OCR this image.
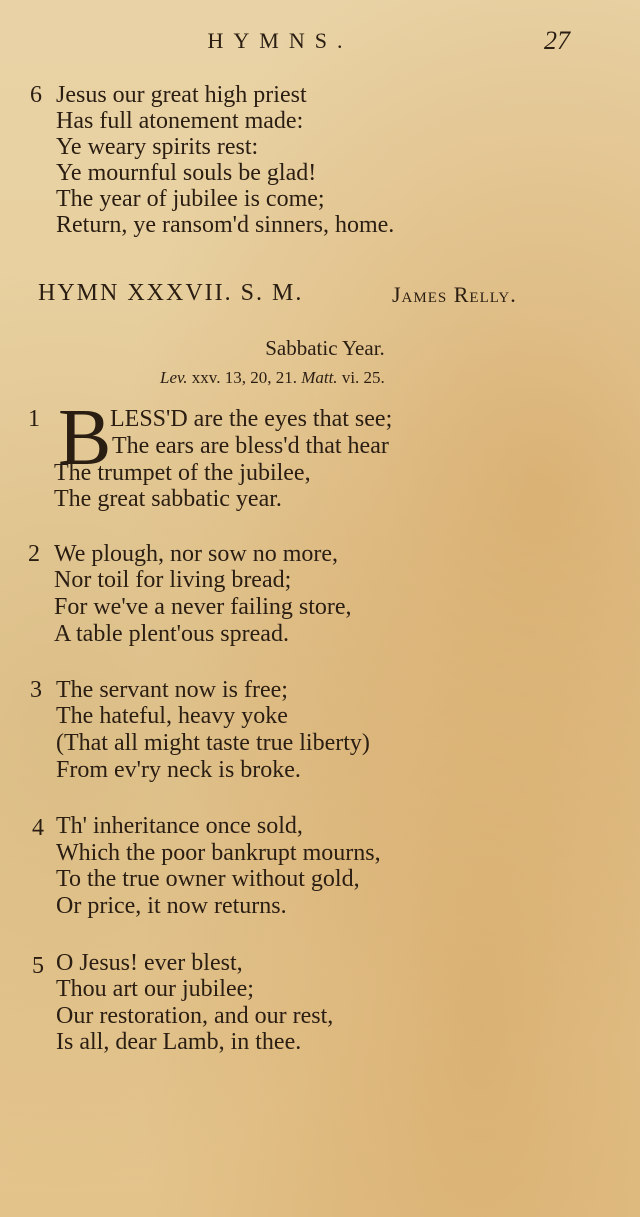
HYMNS.	27
6 Jesus our great high priest
Has full atonement made:
Ye weary spirits rest:
Ye mournful souls be glad!
The year of jubilee is come;
Return, ye ransom'd sinners, home.
HYMN XXXVII. S. M.	James Relly.
Sabbatic Year.
Lev. xxv. 13, 20, 21. Matt. vi. 25.
1 B
LESS'D are the eyes that see;
The ears are bless'd that hear
The trumpet of the jubilee,
The great sabbatic year.
2 We plough, nor sow no more,
Nor toil for living bread;
For we've a never failing store,
A table plent'ous spread.
3 The servant now is free;
The hateful, heavy yoke
(That all might taste true liberty)
From ev'ry neck is broke.
4 Th' inheritance once sold,
Which the poor bankrupt mourns,
To the true owner without gold,
Or price, it now returns.
5 O Jesus! ever blest,
Thou art our jubilee;
Our restoration, and our rest,
Is all, dear Lamb, in thee.
